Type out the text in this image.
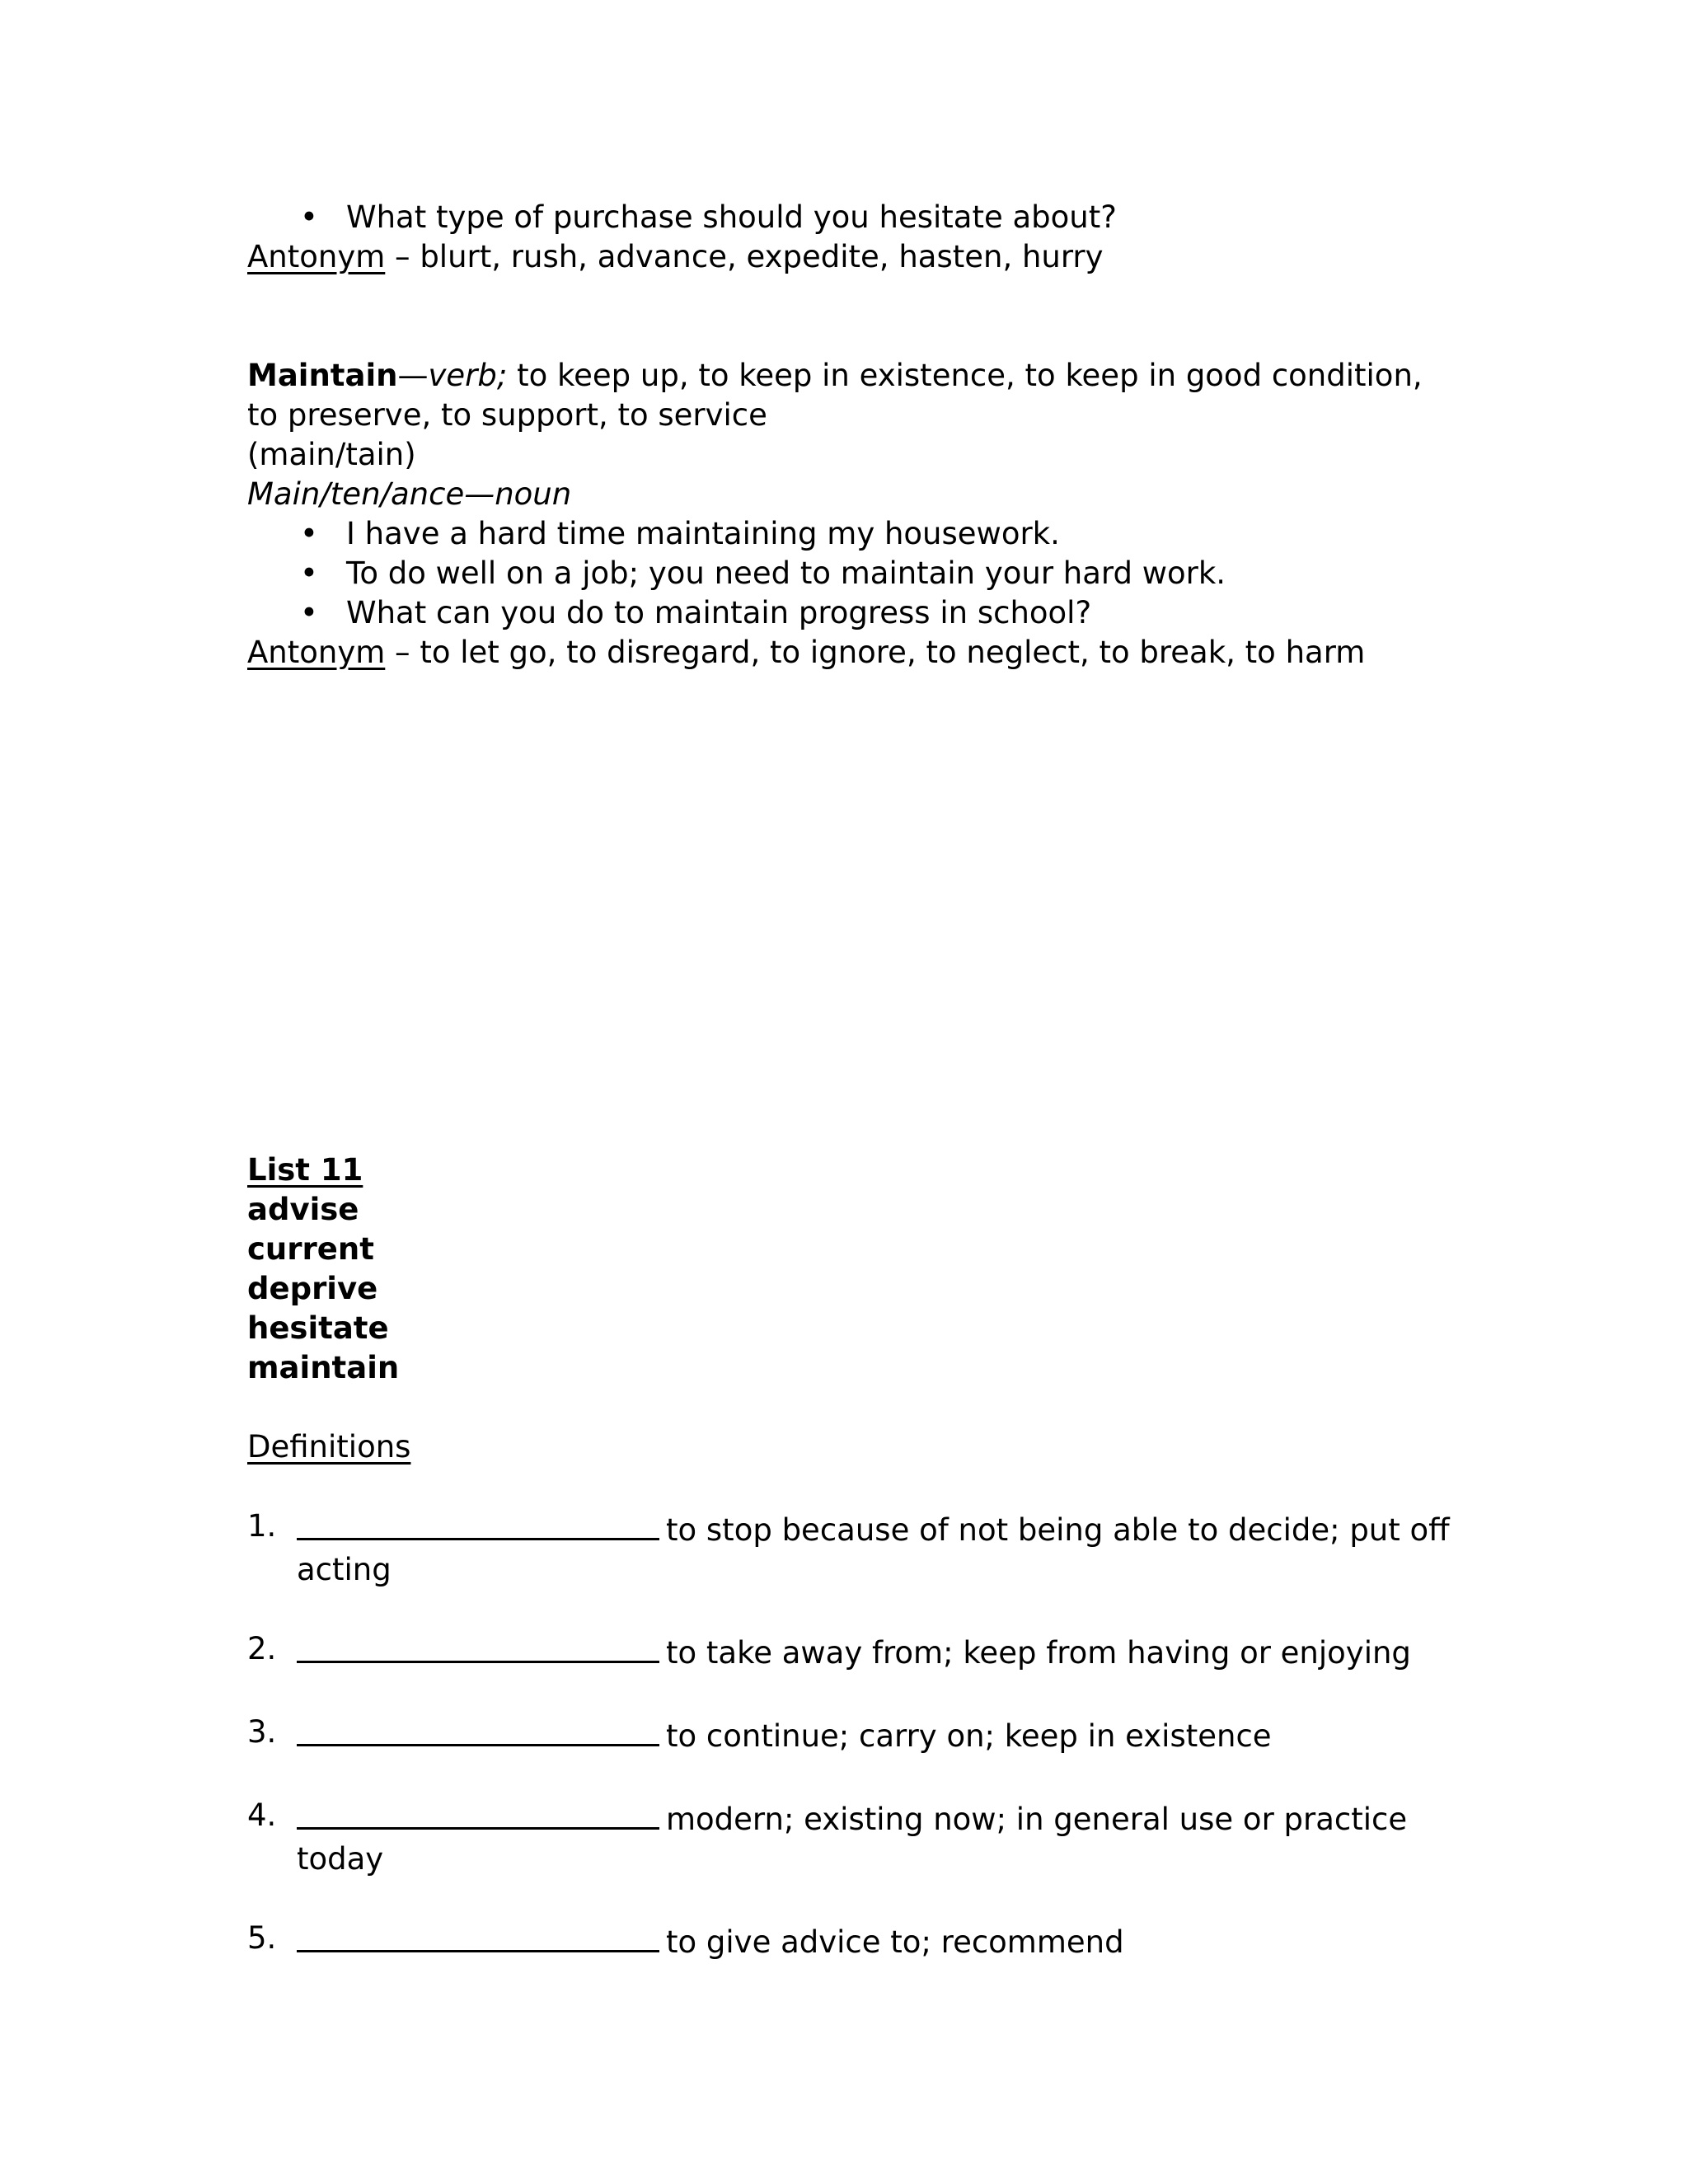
• What type of purchase should you hesitate about?
Antonym – blurt, rush, advance, expedite, hasten, hurry
Maintain—verb; to keep up, to keep in existence, to keep in good condition, to preserve, to support, to service
(main/tain)
Main/ten/ance—noun
• I have a hard time maintaining my housework.
• To do well on a job; you need to maintain your hard work.
• What can you do to maintain progress in school?
Antonym – to let go, to disregard, to ignore, to neglect, to break, to harm
List 11
advise
current
deprive
hesitate
maintain
Definitions
1.	to stop because of not being able to decide; put off
acting
2.	to take away from; keep from having or enjoying
3.	to continue; carry on; keep in existence
4.	modern; existing now; in general use or practice
today
5.	to give advice to; recommend
